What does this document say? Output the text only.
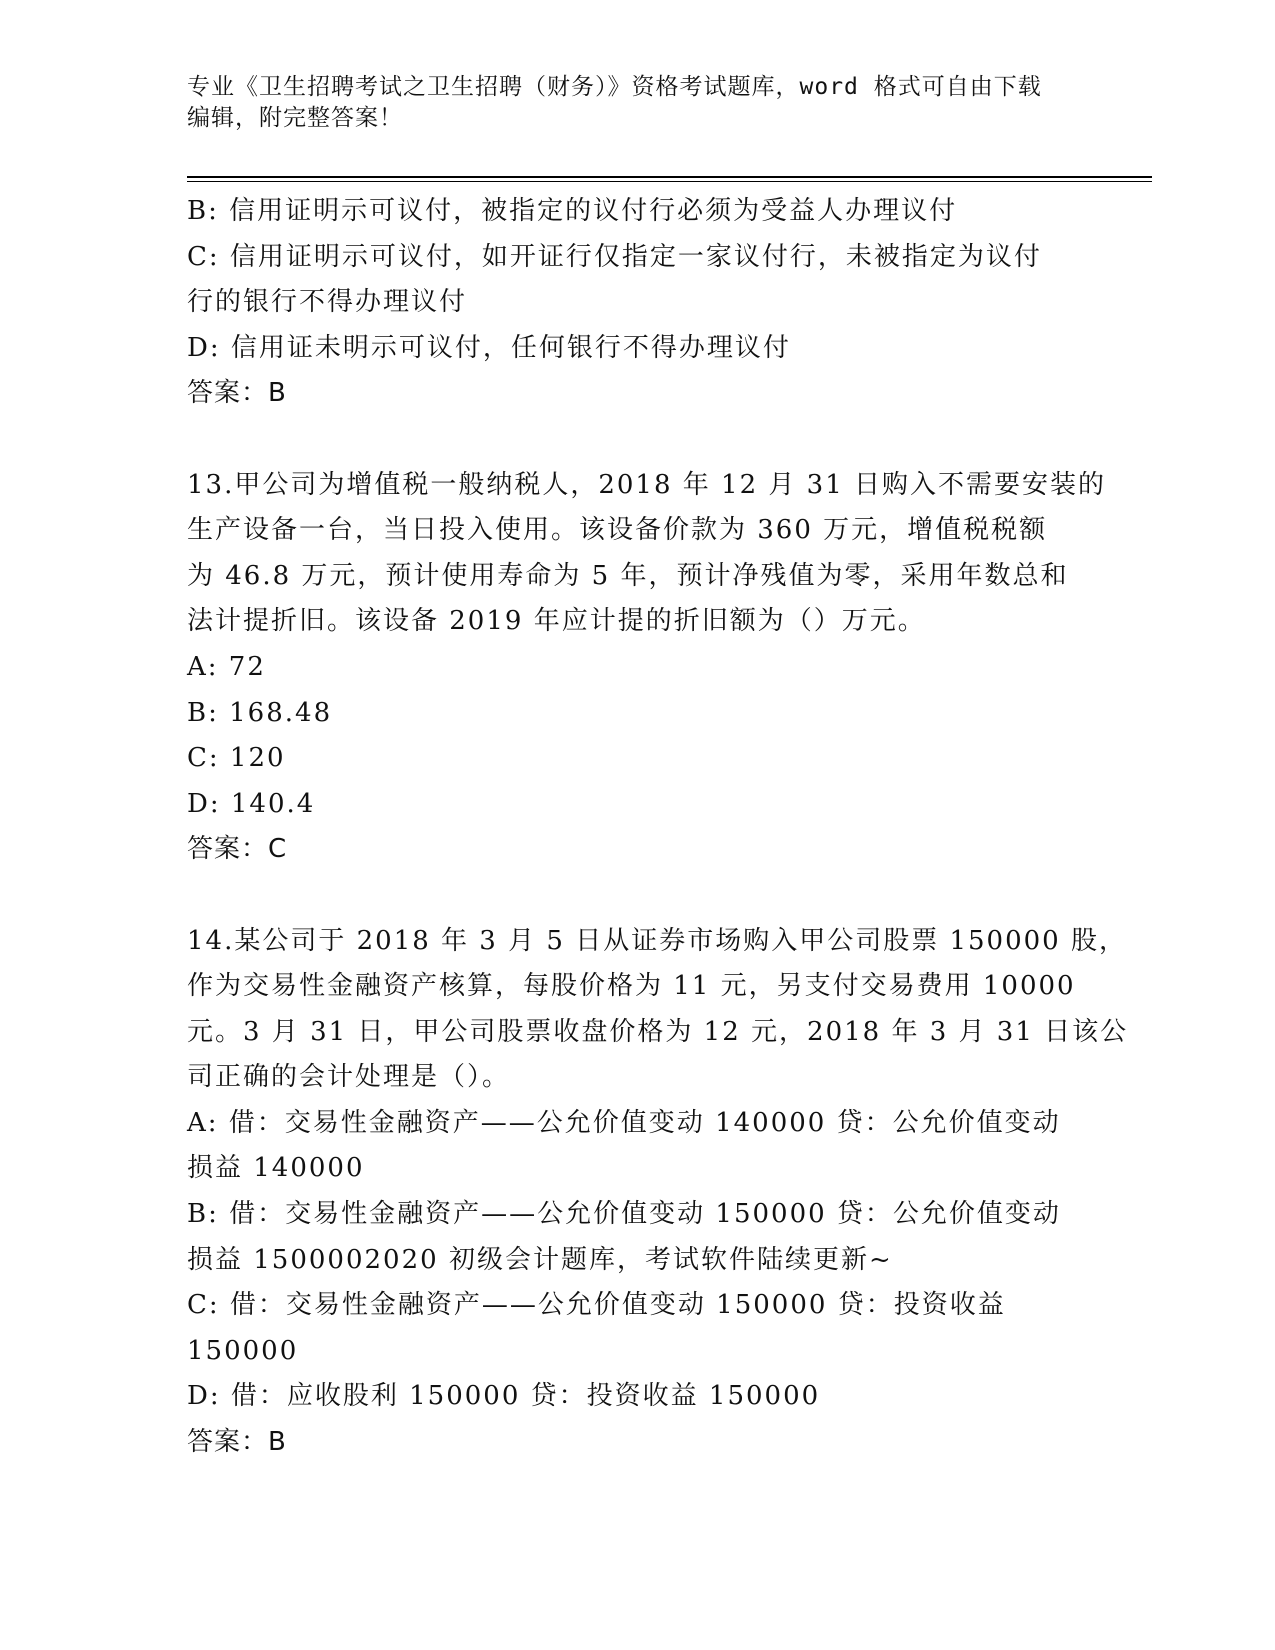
专业《卫生招聘考试之卫生招聘（财务）》资格考试题库，word 格式可自由下载
编辑，附完整答案！
B: 信用证明示可议付，被指定的议付行必须为受益人办理议付
C: 信用证明示可议付，如开证行仅指定一家议付行，未被指定为议付
行的银行不得办理议付
D: 信用证未明示可议付，任何银行不得办理议付
答案：B
13.甲公司为增值税一般纳税人，2018 年 12 月 31 日购入不需要安装的
生产设备一台，当日投入使用。该设备价款为 360 万元，增值税税额
为 46.8 万元，预计使用寿命为 5 年，预计净残值为零，采用年数总和
法计提折旧。该设备 2019 年应计提的折旧额为（）万元。
A: 72
B: 168.48
C: 120
D: 140.4
答案：C
14.某公司于 2018 年 3 月 5 日从证券市场购入甲公司股票 150000 股，
作为交易性金融资产核算，每股价格为 11 元，另支付交易费用 10000
元。3 月 31 日，甲公司股票收盘价格为 12 元，2018 年 3 月 31 日该公
司正确的会计处理是（）。
A: 借：交易性金融资产——公允价值变动 140000 贷：公允价值变动
损益 140000
B: 借：交易性金融资产——公允价值变动 150000 贷：公允价值变动
损益 1500002020 初级会计题库，考试软件陆续更新~
C: 借：交易性金融资产——公允价值变动 150000 贷：投资收益
150000
D: 借：应收股利 150000 贷：投资收益 150000
答案：B
